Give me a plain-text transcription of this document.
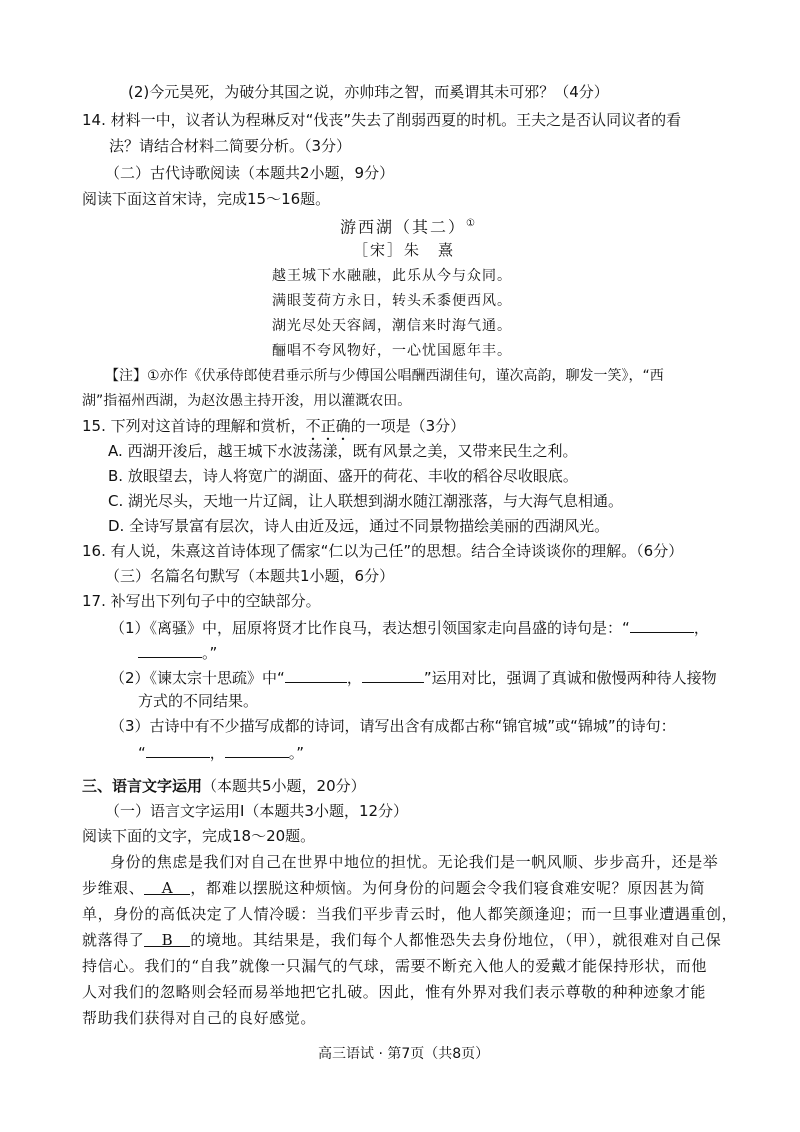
(2)今元昊死，为破分其国之说，亦帅玮之智，而奚谓其未可邪？（4分）
14. 材料一中，议者认为程琳反对“伐丧”失去了削弱西夏的时机。王夫之是否认同议者的看
法？请结合材料二简要分析。（3分）
（二）古代诗歌阅读（本题共2小题，9分）
阅读下面这首宋诗，完成15～16题。
游西湖（其二）①
［宋］朱　熹
越王城下水融融，此乐从今与众同。
满眼芰荷方永日，转头禾黍便西风。
湖光尽处天容阔，潮信来时海气通。
酾唱不夸风物好，一心忧国愿年丰。
【注】①亦作《伏承侍郎使君垂示所与少傅国公唱酬西湖佳句，谨次高韵，聊发一笑》，“西
湖”指福州西湖，为赵汝愚主持开浚，用以灌溉农田。
15. 下列对这首诗的理解和赏析，不正确的一项是（3分）
A. 西湖开浚后，越王城下水波荡漾，既有风景之美，又带来民生之利。
B. 放眼望去，诗人将宽广的湖面、盛开的荷花、丰收的稻谷尽收眼底。
C. 湖光尽头，天地一片辽阔，让人联想到湖水随江潮涨落，与大海气息相通。
D. 全诗写景富有层次，诗人由近及远，通过不同景物描绘美丽的西湖风光。
16. 有人说，朱熹这首诗体现了儒家“仁以为己任”的思想。结合全诗谈谈你的理解。（6分）
（三）名篇名句默写（本题共1小题，6分）
17. 补写出下列句子中的空缺部分。
（1）《离骚》中，屈原将贤才比作良马，表达想引领国家走向昌盛的诗句是：“	，
。”
（2）《谏太宗十思疏》中“	，	”运用对比，强调了真诚和傲慢两种待人接物
方式的不同结果。
（3）古诗中有不少描写成都的诗词，请写出含有成都古称“锦官城”或“锦城”的诗句：
“	，	。”
三、语言文字运用（本题共5小题，20分）
（一）语言文字运用Ⅰ（本题共3小题，12分）
阅读下面的文字，完成18～20题。
身份的焦虑是我们对自己在世界中地位的担忧。无论我们是一帆风顺、步步高升，还是举
步维艰、 A ，都难以摆脱这种烦恼。为何身份的问题会令我们寝食难安呢？原因甚为简
单，身份的高低决定了人情冷暖：当我们平步青云时，他人都笑颜逢迎；而一旦事业遭遇重创，
就落得了 B 的境地。其结果是，我们每个人都惟恐失去身份地位，（甲），就很难对自己保
持信心。我们的“自我”就像一只漏气的气球，需要不断充入他人的爱戴才能保持形状，而他
人对我们的忽略则会轻而易举地把它扎破。因此，惟有外界对我们表示尊敬的种种迹象才能
帮助我们获得对自己的良好感觉。
高三语试 · 第7页（共8页）
